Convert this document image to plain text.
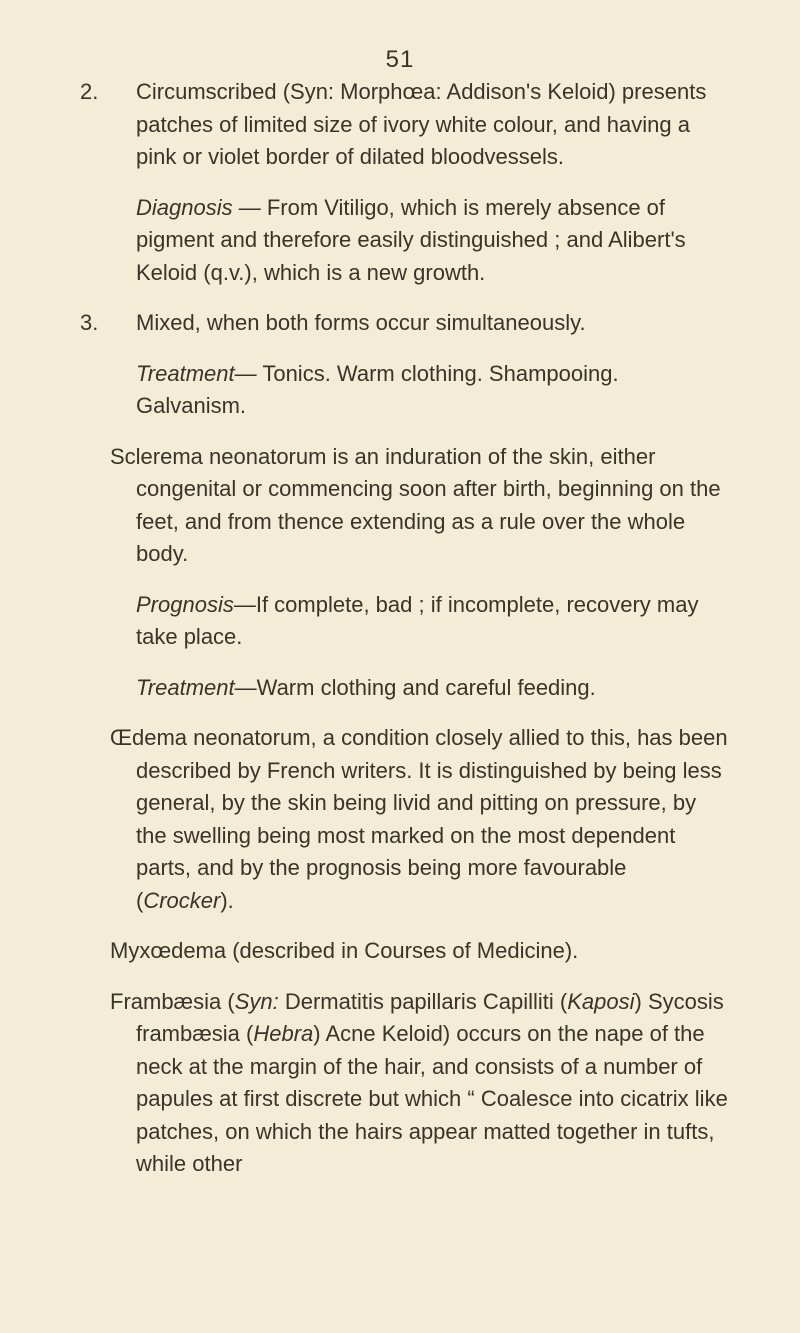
51

2. Circumscribed (Syn: Morphœa: Addison's Keloid) presents patches of limited size of ivory white colour, and having a pink or violet border of dilated bloodvessels.

Diagnosis — From Vitiligo, which is merely absence of pigment and therefore easily distinguished ; and Alibert's Keloid (q.v.), which is a new growth.

3. Mixed, when both forms occur simultaneously.

Treatment— Tonics. Warm clothing. Shampooing. Galvanism.

Sclerema neonatorum is an induration of the skin, either congenital or commencing soon after birth, beginning on the feet, and from thence extending as a rule over the whole body.

Prognosis—If complete, bad ; if incomplete, recovery may take place.

Treatment—Warm clothing and careful feeding.

Œdema neonatorum, a condition closely allied to this, has been described by French writers. It is distinguished by being less general, by the skin being livid and pitting on pressure, by the swelling being most marked on the most dependent parts, and by the prognosis being more favourable (Crocker).

Myxœdema (described in Courses of Medicine).

Frambæsia (Syn: Dermatitis papillaris Capilliti (Kaposi) Sycosis frambæsia (Hebra) Acne Keloid) occurs on the nape of the neck at the margin of the hair, and consists of a number of papules at first discrete but which “ Coalesce into cicatrix like patches, on which the hairs appear matted together in tufts, while other
